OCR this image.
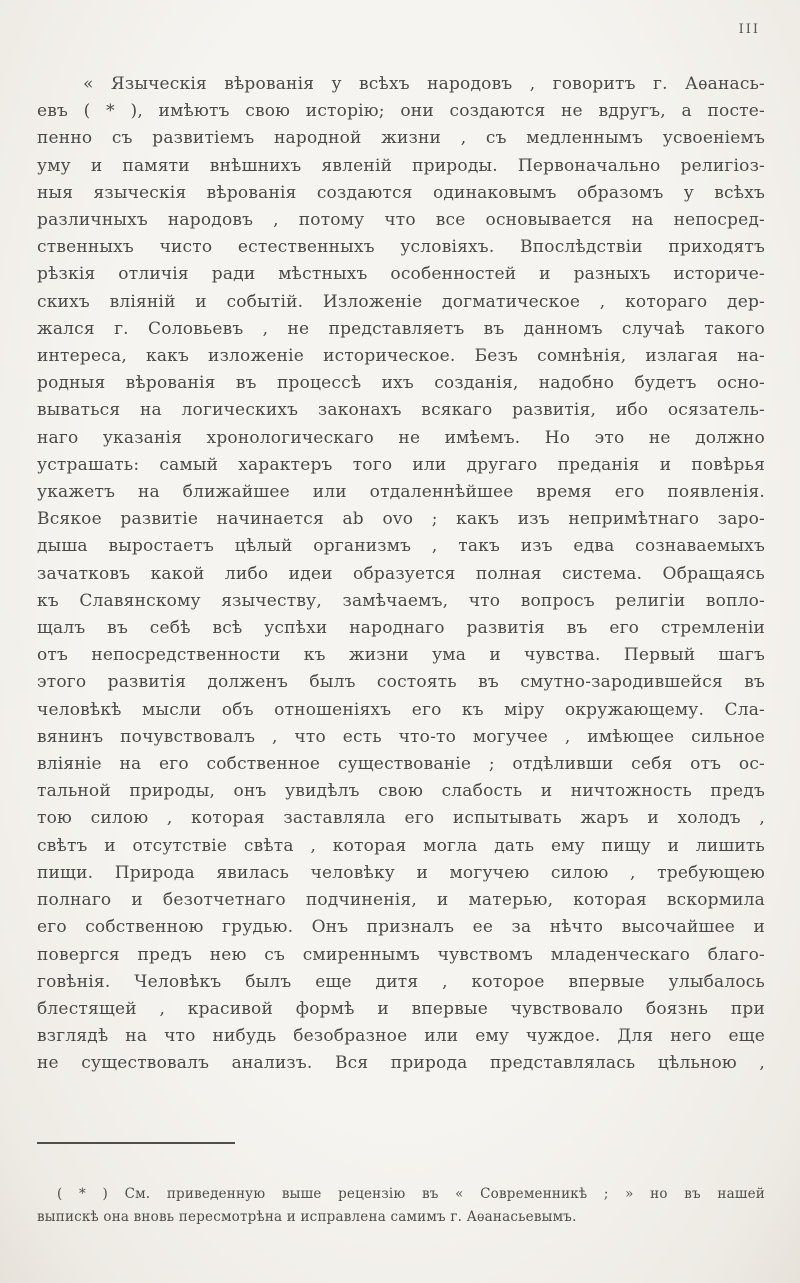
III
« Языческія вѣрованія у всѣхъ народовъ , говоритъ г. Аѳанась-
евъ ( * ), имѣютъ свою исторію; они создаются не вдругъ, а посте-
пенно съ развитіемъ народной жизни , съ медленнымъ усвоеніемъ
уму и памяти внѣшнихъ явленій природы. Первоначально религіоз-
ныя языческія вѣрованія создаются одинаковымъ образомъ у всѣхъ
различныхъ народовъ , потому что все основывается на непосред-
ственныхъ чисто естественныхъ условіяхъ. Впослѣдствіи приходятъ
рѣзкія отличія ради мѣстныхъ особенностей и разныхъ историче-
скихъ вліяній и событій. Изложеніе догматическое , котораго дер-
жался г. Соловьевъ , не представляетъ въ данномъ случаѣ такого
интереса, какъ изложеніе историческое. Безъ сомнѣнія, излагая на-
родныя вѣрованія въ процессѣ ихъ созданія, надобно будетъ осно-
вываться на логическихъ законахъ всякаго развитія, ибо осязатель-
наго указанія хронологическаго не имѣемъ. Но это не должно
устрашать: самый характеръ того или другаго преданія и повѣрья
укажетъ на ближайшее или отдаленнѣйшее время его появленія.
Всякое развитіе начинается ab ovo ; какъ изъ непримѣтнаго заро-
дыша выростаетъ цѣлый организмъ , такъ изъ едва сознаваемыхъ
зачатковъ какой либо идеи образуется полная система. Обращаясь
къ Славянскому язычеству, замѣчаемъ, что вопросъ религіи вопло-
щалъ въ себѣ всѣ успѣхи народнаго развитія въ его стремленіи
отъ непосредственности къ жизни ума и чувства. Первый шагъ
этого развитія долженъ былъ состоять въ смутно-зародившейся въ
человѣкѣ мысли объ отношеніяхъ его къ міру окружающему. Сла-
вянинъ почувствовалъ , что есть что-то могучее , имѣющее сильное
вліяніе на его собственное существованіе ; отдѣливши себя отъ ос-
тальной природы, онъ увидѣлъ свою слабость и ничтожность предъ
тою силою , которая заставляла его испытывать жаръ и холодъ ,
свѣтъ и отсутствіе свѣта , которая могла дать ему пищу и лишить
пищи. Природа явилась человѣку и могучею силою , требующею
полнаго и безотчетнаго подчиненія, и матерью, которая вскормила
его собственною грудью. Онъ призналъ ее за нѣчто высочайшее и
повергся предъ нею съ смиреннымъ чувствомъ младенческаго благо-
говѣнія. Человѣкъ былъ еще дитя , которое впервые улыбалось
блестящей , красивой формѣ и впервые чувствовало боязнь при
взглядѣ на что нибудь безобразное или ему чуждое. Для него еще
не существовалъ анализъ. Вся природа представлялась цѣльною ,
( * ) См. приведенную выше рецензію въ « Современникѣ ; » но въ нашей
выпискѣ она вновь пересмотрѣна и исправлена самимъ г. Аѳанасьевымъ.
